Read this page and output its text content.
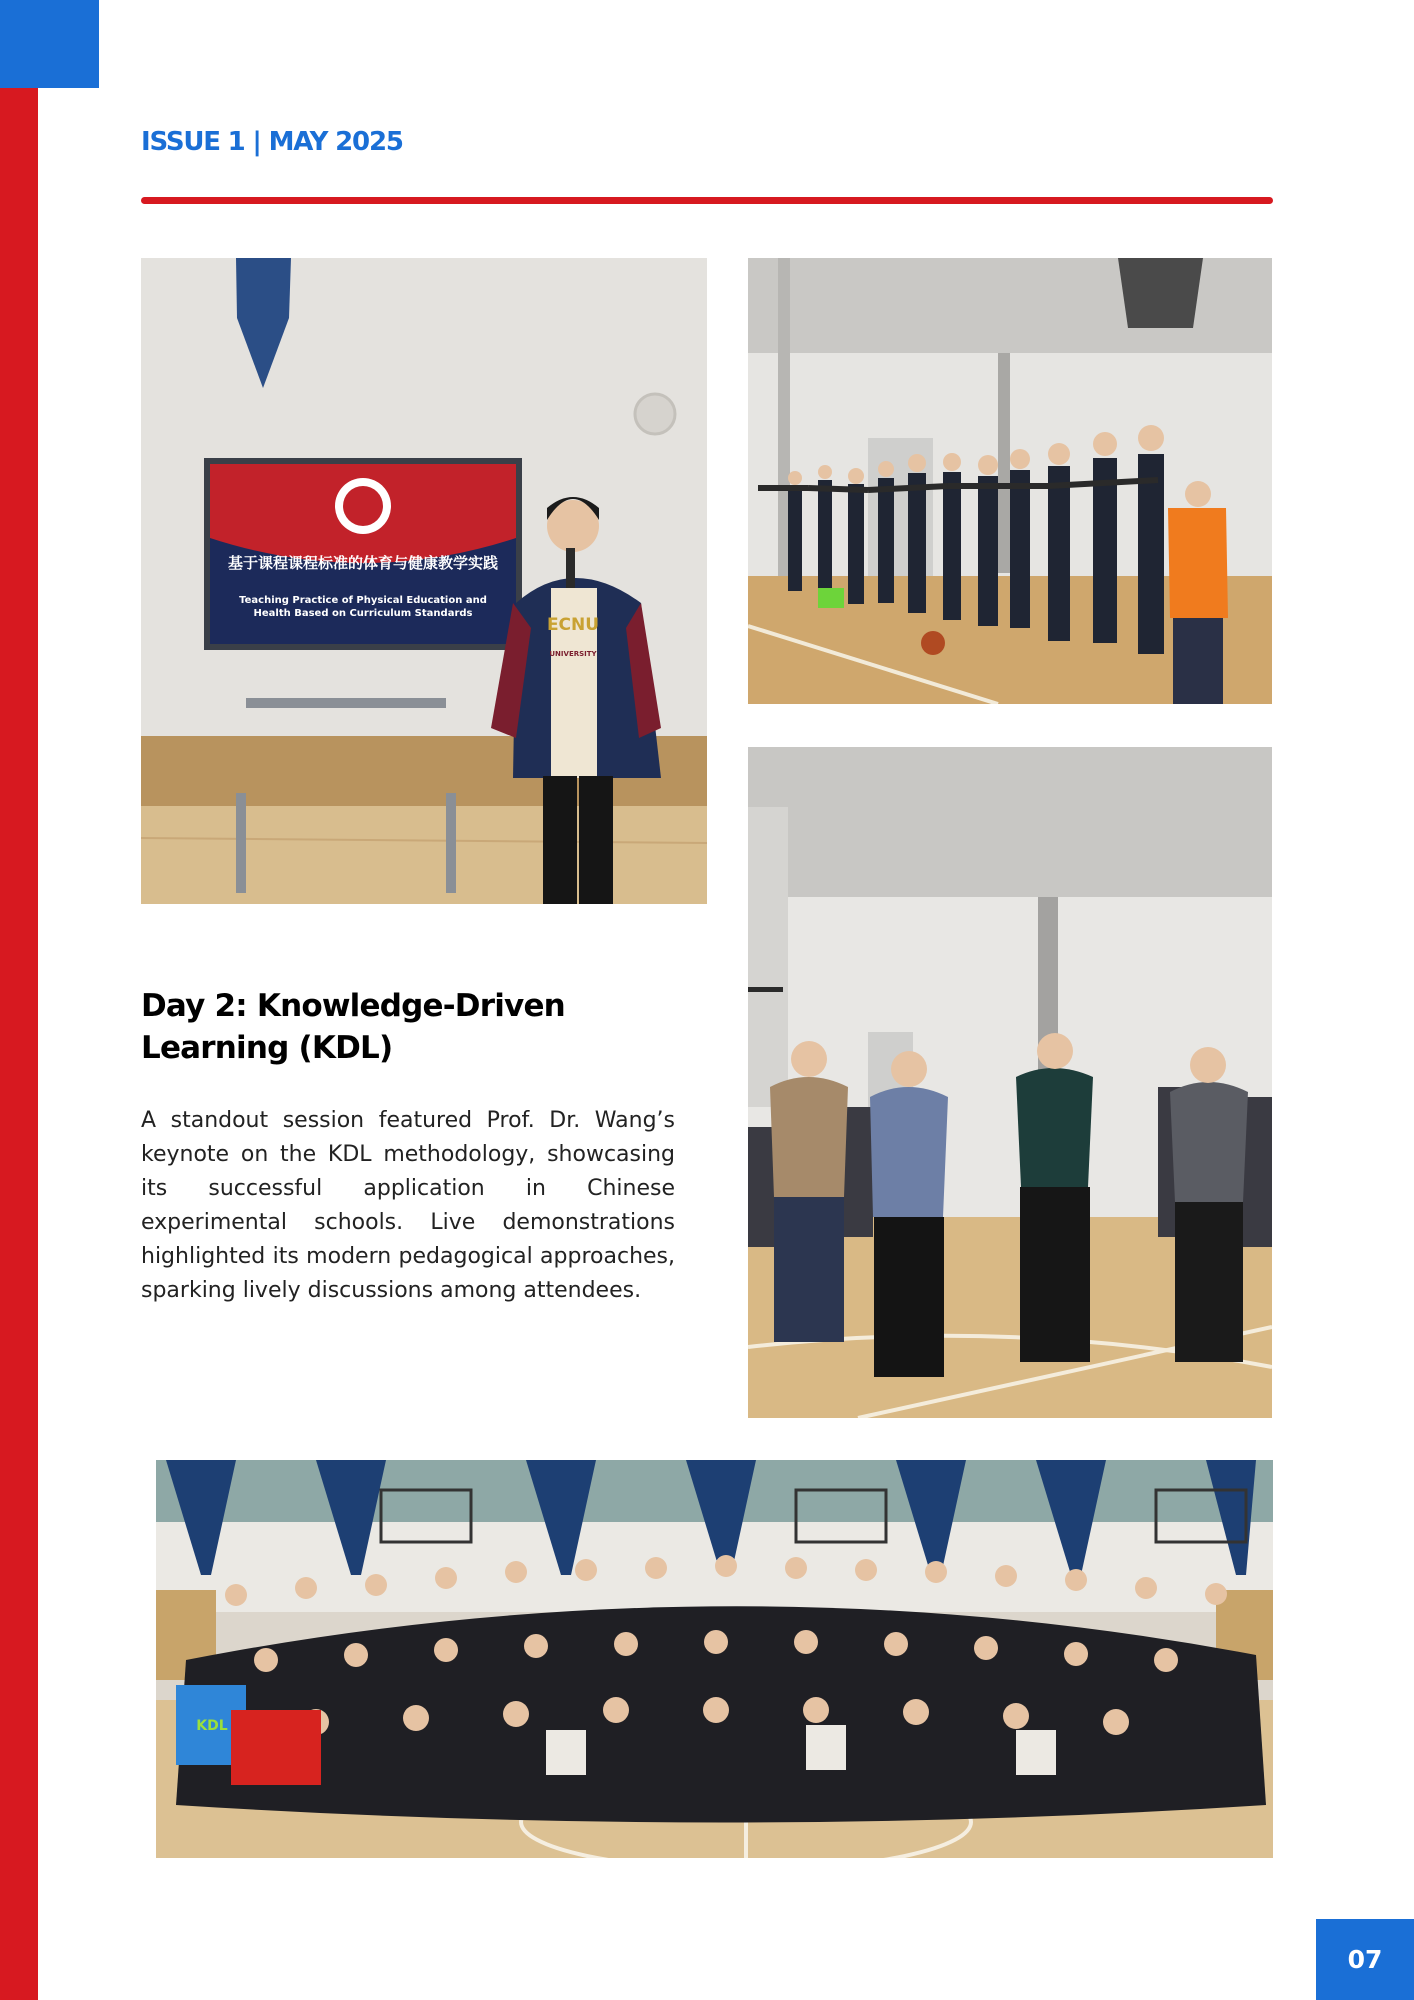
ISSUE 1 | MAY 2025
基于课程课程标准的体育与健康教学实践
Teaching Practice of Physical Education and
Health Based on Curriculum Standards
ECNU
UNIVERSITY
Day 2: Knowledge-Driven Learning (KDL)

A standout session featured Prof. Dr. Wang’s keynote on the KDL methodology, showcasing its successful application in Chinese experimental schools. Live demonstrations highlighted its modern pedagogical approaches, sparking lively discussions among attendees.

KDL
07
